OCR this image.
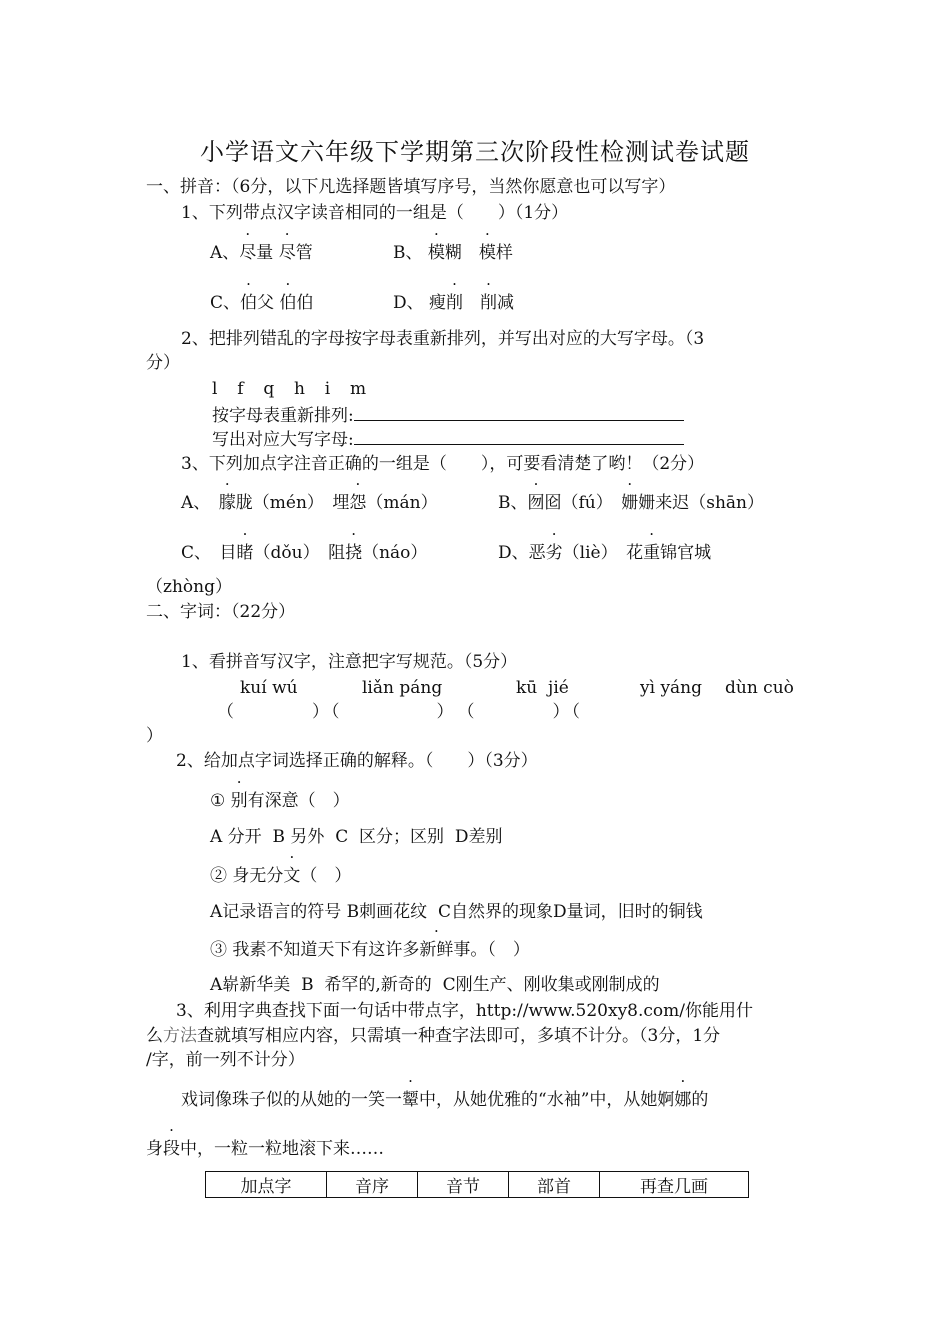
小学语文六年级下学期第三次阶段性检测试卷试题
一、拼音：（6分，以下凡选择题皆填写序号，当然你愿意也可以写字）
1、下列带点汉字读音相同的一组是（　　）（1分）
A、尽量 尽管	B、 模糊　模样
C、伯父 伯伯	D、 瘦削　 削减
2、把排列错乱的字母按字母表重新排列，并写出对应的大写字母。（3
分）
l  f  q  h  i  m
按字母表重新排列:
写出对应大写字母:
3、下列加点字注音正确的一组是（　　），可要看清楚了哟！（2分）
A、　朦胧（mén）　埋怨（mán）	B、囫囵（fú）　姗姗来迟（shān）
C、　目睹（dǒu）　阻挠（náo）	D、恶劣（liè）　花重锦官城
（zhòng）
二、字词：（22分）
1、看拼音写汉字，注意把字写规范。（5分）
kuí wú	liǎn páng	kū  jié	yì yáng dùn cuò
（　　　　）（　　　　　）　（　　　　）（
）
2、给加点字词选择正确的解释。（　　）（3分）
① 别有深意（　）
A 分开  B 另外  C  区分；区别  D差别
② 身无分文（　）
A记录语言的符号 B刺画花纹  C自然界的现象D量词，旧时的铜钱
③ 我素不知道天下有这许多新鲜事。（　）
A崭新华美  B  希罕的,新奇的  C刚生产、刚收集或刚制成的
3、利用字典查找下面一句话中带点字，http://www.520xy8.com/你能用什
么方法查就填写相应内容，只需填一种查字法即可，多填不计分。（3分，1分
/字，前一列不计分）
戏词像珠子似的从她的一笑一颦中，从她优雅的“水袖”中，从她婀娜的
身段中，一粒一粒地滚下来……
加点字	音序	音节	部首	再查几画
